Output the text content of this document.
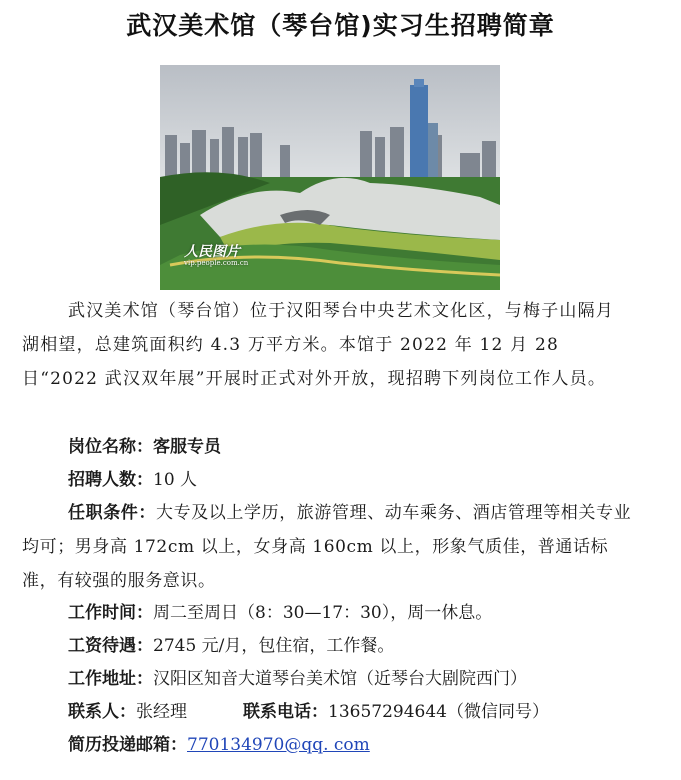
武汉美术馆（琴台馆)实习生招聘简章
人民图片
vip.people.com.cn
武汉美术馆（琴台馆）位于汉阳琴台中央艺术文化区，与梅子山隔月湖相望，总建筑面积约 4.3 万平方米。本馆于 2022 年 12 月 28 日“2022 武汉双年展”开展时正式对外开放，现招聘下列岗位工作人员。
岗位名称：客服专员
招聘人数：10 人
任职条件：大专及以上学历，旅游管理、动车乘务、酒店管理等相关专业均可；男身高 172cm 以上，女身高 160cm 以上，形象气质佳，普通话标准，有较强的服务意识。
工作时间：周二至周日（8：30—17：30），周一休息。
工资待遇：2745 元/月，包住宿，工作餐。
工作地址：汉阳区知音大道琴台美术馆（近琴台大剧院西门）
联系人：张经理	联系电话：13657294644（微信同号）
简历投递邮箱：770134970@qq. com
